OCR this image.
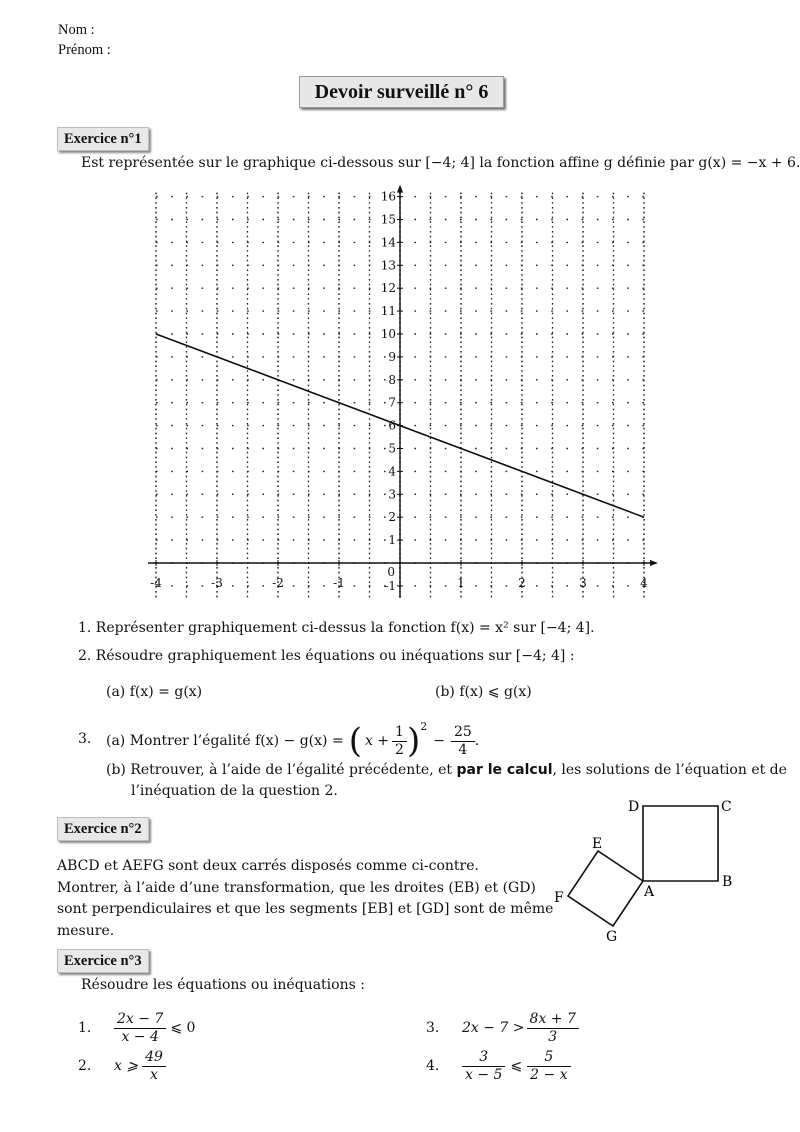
Nom :
Prénom :
Devoir surveillé n° 6
Exercice n°1
Est représentée sur le graphique ci-dessous sur [−4; 4] la fonction affine g définie par g(x) = −x + 6.
-4	-3	-2	-1	1	2	3	4
-1
1
2
3
4
5
6
7
8
9
10
11
12
13
14
15
16
0
1. Représenter graphiquement ci-dessus la fonction f(x) = x² sur [−4; 4].
2. Résoudre graphiquement les équations ou inéquations sur [−4; 4] :
(a) f(x) = g(x)	(b) f(x) ⩽ g(x)
3. (a) Montrer l’égalité f(x) − g(x) = ( $x + \frac{1}{2} )^2$
− $\frac{25}{4}$ .
(b) Retrouver, à l’aide de l’égalité précédente, et par le calcul, les solutions de l’équation et de
l’inéquation de la question 2.
Exercice n°2
ABCD et AEFG sont deux carrés disposés comme ci-contre.
Montrer, à l’aide d’une transformation, que les droites (EB) et (GD)
sont perpendiculaires et que les segments [EB] et [GD] sont de même
mesure.
A
B
C
D
E
F
G
Exercice n°3
Résoudre les équations ou inéquations :
1.	$\frac{2x - 7}{x - 4}$ ⩽ 0
2.	x ⩾ $\frac{49}{x}$
3.	$2x - 7 > \frac{8x + 7}{3}$
4.	$\frac{3}{x - 5}$ ⩽ $\frac{5}{2 - x}$
